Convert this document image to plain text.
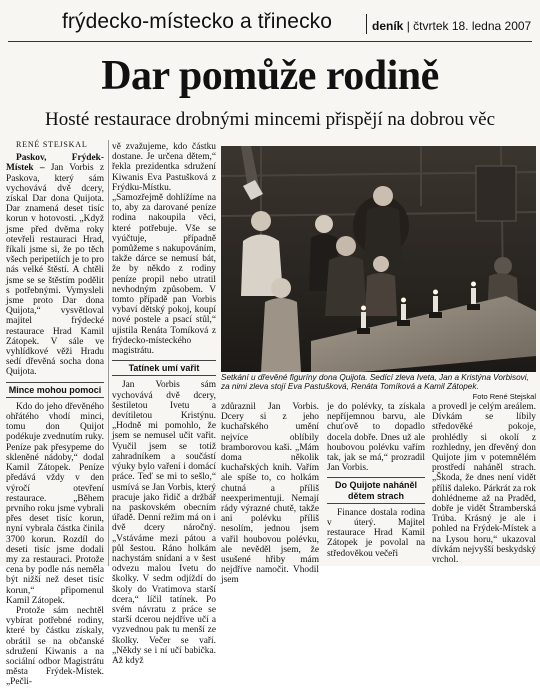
frýdecko-místecko a třinecko	deník | čtvrtek 18. ledna 2007
Dar pomůže rodině
Hosté restaurace drobnými mincemi přispějí na dobrou věc
RENÉ STEJSKAL

Paskov, Frýdek-Místek – Jan Vorbis z Paskova, který sám vychovává dvě dcery, získal Dar dona Quijota. Dar znamená deset tisíc korun v hotovosti. „Když jsme před dvěma roky otevřeli restauraci Hrad, říkali jsme si, že po těch všech peripetiích je to pro nás velké štěstí. A chtěli jsme se se štěstím podělit s potřebnými. Vymysleli jsme proto Dar dona Quijota,“ vysvětloval majitel frýdecké restaurace Hrad Kamil Zátopek. V sále ve vyhlídkové věži Hradu sedí dřevěná socha dona Quijota.

Mince mohou pomoci

Kdo do jeho dřevěného ohřátého vhodí minci, tomu don Quijot podékuje zvednutím ruky. Peníze pak přesypeme do skleněné nádoby,“ dodal Kamil Zátopek. Peníze předává vždy v den výročí otevření restaurace. „Během prvního roku jsme vybrali přes deset tisíc korun, nyní vybrala částka činila 3700 korun. Rozdíl do deseti tisíc jsme dodali my za restauraci. Protože cena by podle nás neměla být nižší než deset tisíc korun,“ připomenul Kamil Zátopek.

Protože sám nechtěl vybírat potřebné rodiny, které by částku získaly, obrátil se na občanské sdružení Kiwanis a na sociální odbor Magistrátu města Frýdek-Místek. „Pečli-

vě zvažujeme, kdo částku dostane. Je určena dětem,“ řekla prezidentka sdružení Kiwanis Eva Pastušková z Frýdku-Místku. „Samozřejmě dohlížíme na to, aby za darované peníze rodina nakoupila věci, které potřebuje. Vše se vyúčtuje, případně pomůžeme s nakupováním, takže dárce se nemusí bát, že by někdo z rodiny peníze propil nebo utratil nevhodným způsobem. V tomto případě pan Vorbis vybaví dětský pokoj, koupí nové postele a psací stůl,“ ujistila Renáta Tomíková z frýdecko-místeckého magistrátu.

Tatínek umí vařit

Jan Vorbis sám vychovává dvě dcery, šestiletou Ivetu a devítiletou Kristýnu. „Hodně mi pomohlo, že jsem se nemusel učit vařit. Vyučil jsem se totiž zahradníkem a součástí výuky bylo vaření i domácí práce. Teď se mi to sešlo,“ usmívá se Jan Vorbis, který pracuje jako řidič a držbář na paskovském obecním úřadě. Denní režim má on i dvě dcery náročný. „Vstáváme mezi pátou a půl šestou. Ráno holkám nachystám snídani a v šest odvezu malou Ivetu do školky. V sedm odjíždí do školy do Vratimova starší dcera,“ líčil tatínek. Po svém návratu z práce se starší dcerou nejdříve učí a vyzvednou pak tu menší ze školky. Večer se vaří. „Někdy se i ní učí babička. Až když

Setkání u dřevěné figuríny dona Quijota. Sedící zleva Iveta, Jan a Kristýna Vorbisovi, za nimi zleva stojí Eva Pastušková, Renáta Tomíková a Kamil Zátopek.
Foto René Stejskal

zdůraznil Jan Vorbis. Dcery si z jeho kuchařského umění nejvíce oblíbily bramborovou kaši. „Mám doma několik kuchařských knih. Vařím ale spíše to, co holkám chutná a příliš neexperimentuji. Nemají rády výrazné chutě, takže ani polévku příliš nesolím, jednou jsem vařil houbovou polévku, ale nevěděl jsem, že usušené hřiby mám nejdříve namočit. Vhodil jsem

je do polévky, ta získala nepříjemnou barvu, ale chuťově to dopadlo docela dobře. Dnes už ale houbovou polévku vařím tak, jak se má,“ prozradil Jan Vorbis.

Do Quijote naháněl dětem strach

Finance dostala rodina v úterý. Majitel restaurace Hrad Kamil Zátopek je povolal na středověkou večeři

a provedl je celým areálem. Dívkám se líbily středověké pokoje, prohlédly si okolí z rozhledny, jen dřevěný don Quijote jim v potemnělém prostředí naháněl strach. „Škoda, že dnes není vidět příliš daleko. Párkrát za rok dohlédneme až na Praděd, dobře je vidět Štramberská Trúba. Krásný je ale i pohled na Frýdek-Místek a na Lysou horu,“ ukazoval dívkám nejvyšší beskydský vrchol.
